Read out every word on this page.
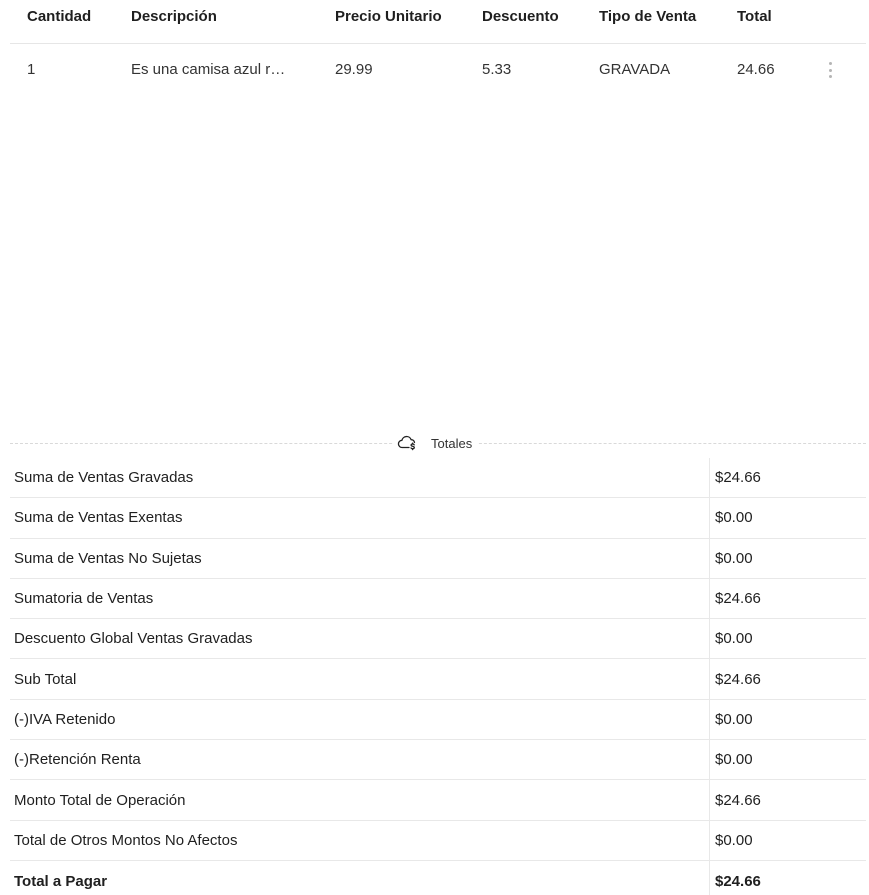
Cantidad	Descripción	Precio Unitario	Descuento	Tipo de Venta	Total
1	Es una camisa azul r…	29.99	5.33	GRAVADA	24.66
Totales
Suma de Ventas Gravadas	$24.66
Suma de Ventas Exentas	$0.00
Suma de Ventas No Sujetas	$0.00
Sumatoria de Ventas	$24.66
Descuento Global Ventas Gravadas	$0.00
Sub Total	$24.66
(-)IVA Retenido	$0.00
(-)Retención Renta	$0.00
Monto Total de Operación	$24.66
Total de Otros Montos No Afectos	$0.00
Total a Pagar	$24.66
